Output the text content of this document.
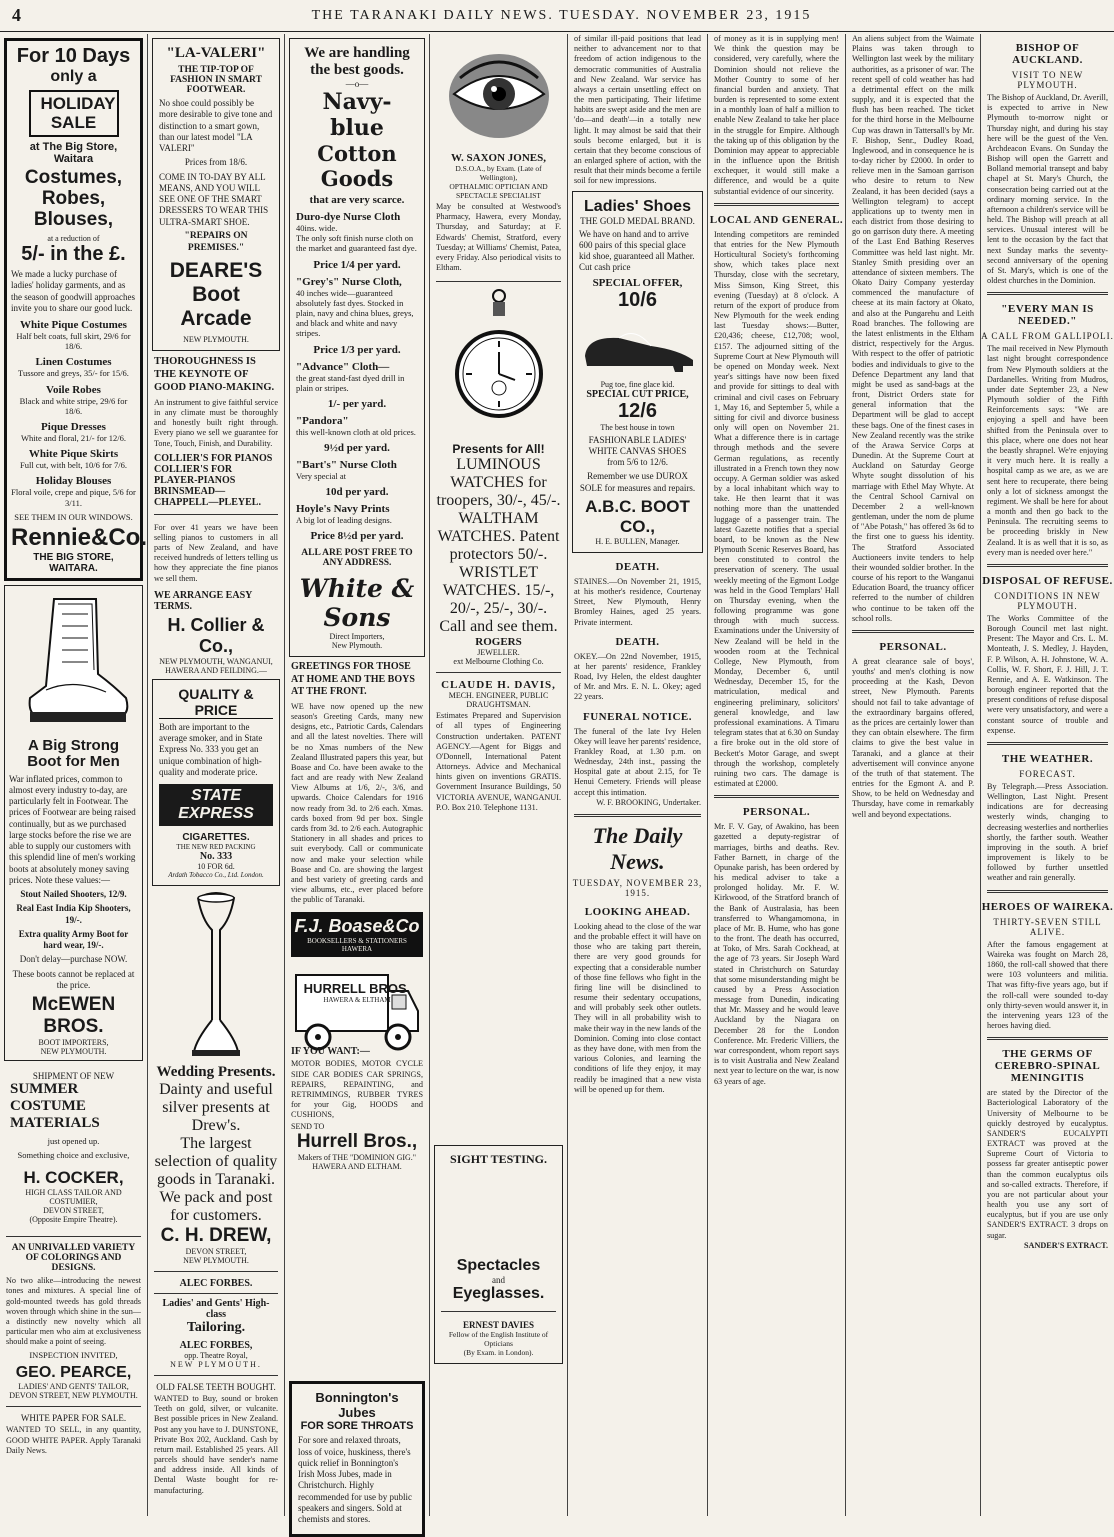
4	THE TARANAKI DAILY NEWS. TUESDAY. NOVEMBER 23, 1915
For 10 Days
only a
HOLIDAY SALE
at The Big Store, Waitara
Costumes, Robes, Blouses,
at a reduction of
5/- in the £.
We made a lucky purchase of ladies' holiday garments, and as the season of goodwill approaches invite you to share our good luck.
White Pique Costumes
Half belt coats, full skirt, 29/6 for 18/6.
Linen Costumes
Tussore and greys, 35/- for 15/6.
Voile Robes
Black and white stripe, 29/6 for 18/6.
Pique Dresses
White and floral, 21/- for 12/6.
White Pique Skirts
Full cut, with belt, 10/6 for 7/6.
Holiday Blouses
Floral voile, crepe and pique, 5/6 for 3/11.
SEE THEM IN OUR WINDOWS.
Rennie&Co.
THE BIG STORE,
WAITARA.
A Big Strong Boot for Men
War inflated prices, common to almost every industry to-day, are particularly felt in Footwear. The prices of Footwear are being raised continually, but as we purchased large stocks before the rise we are able to supply our customers with this splendid line of men's working boots at absolutely money saving prices. Note these values:—
Stout Nailed Shooters, 12/9.
Real East India Kip Shooters, 19/-.
Extra quality Army Boot for hard wear, 19/-.
Don't delay—purchase NOW.
These boots cannot be replaced at the price.
McEWEN BROS.
BOOT IMPORTERS,
NEW PLYMOUTH.
SHIPMENT OF NEW
SUMMER
COSTUME
MATERIALS
just opened up.
Something choice and exclusive,
H. COCKER,
HIGH CLASS TAILOR AND COSTUMIER,
DEVON STREET,
(Opposite Empire Theatre).
AN UNRIVALLED VARIETY OF COLORINGS AND DESIGNS.
No two alike—introducing the newest tones and mixtures. A special line of gold-mounted tweeds has gold threads woven through which shine in the sun—a distinctly new novelty which all particular men who aim at exclusiveness should make a point of seeing.
INSPECTION INVITED,
GEO. PEARCE,
LADIES' AND GENTS' TAILOR,
DEVON STREET, NEW PLYMOUTH.
WHITE PAPER FOR SALE.
WANTED TO SELL, in any quantity, GOOD WHITE PAPER. Apply Taranaki Daily News.
"LA-VALERI"
THE TIP-TOP OF FASHION IN SMART FOOTWEAR.
No shoe could possibly be more desirable to give tone and distinction to a smart gown, than our latest model "LA VALERI"
Prices from 18/6.
COME IN TO-DAY BY ALL MEANS, AND YOU WILL SEE ONE OF THE SMART DRESSERS TO WEAR THIS ULTRA-SMART SHOE.
"REPAIRS ON PREMISES."
DEARE'S
Boot Arcade
NEW PLYMOUTH.
THOROUGHNESS IS THE KEYNOTE OF GOOD PIANO-MAKING.
An instrument to give faithful service in any climate must be thoroughly and honestly built right through. Every piano we sell we guarantee for Tone, Touch, Finish, and Durability.
COLLIER'S FOR PIANOS
COLLIER'S FOR PLAYER-PIANOS
BRINSMEAD—CHAPPELL—PLEYEL.
For over 41 years we have been selling pianos to customers in all parts of New Zealand, and have received hundreds of letters telling us how they appreciate the fine pianos we sell them.
WE ARRANGE EASY TERMS.
H. Collier & Co.,
NEW PLYMOUTH, WANGANUI,
HAWERA AND FEILDING.—
QUALITY & PRICE
Both are important to the average smoker, and in State Express No. 333 you get an unique combination of high-quality and moderate price.
STATE EXPRESS
CIGARETTES.
THE NEW RED PACKING
No. 333
10 FOR 6d.
Ardath Tobacco Co., Ltd. London.
Wedding Presents.
Dainty and useful silver presents at Drew's.
The largest selection of quality goods in Taranaki.
We pack and post for customers.
C. H. DREW,
DEVON STREET,
NEW PLYMOUTH.
ALEC FORBES.
Ladies' and Gents' High-class
Tailoring.
ALEC FORBES,
opp. Theatre Royal,
NEW PLYMOUTH.
OLD FALSE TEETH BOUGHT.
WANTED to Buy, sound or broken Teeth on gold, silver, or vulcanite. Best possible prices in New Zealand. Post any you have to J. DUNSTONE, Private Box 202, Auckland. Cash by return mail. Established 25 years. All parcels should have sender's name and address inside. All kinds of Dental Waste bought for re-manufacturing.
We are handling
the best goods.
—o—
Navy-blue
Cotton Goods
that are very scarce.
Duro-dye Nurse Cloth
40ins. wide.
The only soft finish nurse cloth on the market and guaranteed fast dye.
Price 1/4 per yard.
"Grey's" Nurse Cloth,
40 inches wide—guaranteed absolutely fast dyes. Stocked in plain, navy and china blues, greys, and black and white and navy stripes.
Price 1/3 per yard.
"Advance" Cloth—
the great stand-fast dyed drill in plain or stripes.
1/- per yard.
"Pandora"
this well-known cloth at old prices.
9½d per yard.
"Bart's" Nurse Cloth
Very special at
10d per yard.
Hoyle's Navy Prints
A big lot of leading designs.
Price 8½d per yard.
ALL ARE POST FREE TO ANY ADDRESS.
White & Sons
Direct Importers,
New Plymouth.
GREETINGS FOR THOSE AT HOME AND THE BOYS AT THE FRONT.
WE have now opened up the new season's Greeting Cards, many new designs, etc., Patriotic Cards, Calendars and all the latest novelties. There will be no Xmas numbers of the New Zealand Illustrated papers this year, but Boase and Co. have been awake to the fact and are ready with New Zealand View Albums at 1/6, 2/-, 3/6, and upwards. Choice Calendars for 1916 now ready from 3d. to 2/6 each. Xmas. cards boxed from 9d per box. Single cards from 3d. to 2/6 each. Autographic Stationery in all shades and prices to suit everybody. Call or communicate now and make your selection while Boase and Co. are showing the largest and best variety of greeting cards and view albums, etc., ever placed before the public of Taranaki.
F.J. Boase&Co
BOOKSELLERS & STATIONERS
HAWERA
HURRELL BROS.
HAWERA & ELTHAM
IF YOU WANT:—
MOTOR BODIES, MOTOR CYCLE SIDE CAR BODIES CAR SPRINGS, REPAIRS, REPAINTING, and RETRIMMINGS, RUBBER TYRES for your Gig, HOODS and CUSHIONS,
SEND TO
Hurrell Bros.,
Makers of THE "DOMINION GIG."
HAWERA AND ELTHAM.
Bonnington's Jubes
FOR SORE THROATS
For sore and relaxed throats, loss of voice, huskiness, there's quick relief in Bonnington's Irish Moss Jubes, made in Christchurch. Highly recommended for use by public speakers and singers. Sold at chemists and stores.
W. SAXON JONES,
D.S.O.A., by Exam. (Late of Wellington),
OPTHALMIC OPTICIAN AND SPECTACLE SPECIALIST
May be consulted at Westwood's Pharmacy, Hawera, every Monday, Thursday, and Saturday; at F. Edwards' Chemist, Stratford, every Tuesday; at Williams' Chemist, Patea, every Friday. Also periodical visits to Eltham.
Presents for All!
LUMINOUS WATCHES for troopers, 30/-, 45/-.
WALTHAM WATCHES. Patent protectors 50/-.
WRISTLET WATCHES. 15/-, 20/-, 25/-, 30/-.
Call and see them.
ROGERS
JEWELLER.
ext Melbourne Clothing Co.
CLAUDE H. DAVIS,
MECH. ENGINEER, PUBLIC DRAUGHTSMAN.
Estimates Prepared and Supervision of all types of Engineering Construction undertaken. PATENT AGENCY.—Agent for Biggs and O'Donnell, International Patent Attorneys. Advice and Mechanical hints given on inventions GRATIS. Government Insurance Buildings, 50 VICTORIA AVENUE, WANGANUI. P.O. Box 210. Telephone 1131.
SIGHT TESTING.
Spectacles
and
Eyeglasses.
ERNEST DAVIES
Fellow of the English Institute of Opticians
(By Exam. in London).
of similar ill-paid positions that lead neither to advancement nor to that freedom of action indigenous to the democratic communities of Australia and New Zealand. War service has always a certain unsettling effect on the men participating. Their lifetime habits are swept aside and the men are 'do—and death'—in a totally new light. It may almost be said that their souls become enlarged, but it is certain that they become conscious of an enlarged sphere of action, with the result that their minds become a fertile soil for new impressions.
Ladies' Shoes
THE GOLD MEDAL BRAND.
We have on hand and to arrive 600 pairs of this special glace kid shoe, guaranteed all Mather. Cut cash price
SPECIAL OFFER,
10/6
Pug toe, fine glace kid.
SPECIAL CUT PRICE,
12/6
The best house in town
FASHIONABLE LADIES' WHITE CANVAS SHOES from 5/6 to 12/6.
Remember we use DUROX SOLE for measures and repairs.
A.B.C. BOOT CO.,
H. E. BULLEN, Manager.
DEATH.
STAINES.—On November 21, 1915, at his mother's residence, Courtenay Street, New Plymouth, Henry Bromley Haines, aged 25 years. Private interment.
DEATH.
OKEY.—On 22nd November, 1915, at her parents' residence, Frankley Road, Ivy Helen, the eldest daughter of Mr. and Mrs. E. N. L. Okey; aged 22 years.
FUNERAL NOTICE.
The funeral of the late Ivy Helen Okey will leave her parents' residence, Frankley Road, at 1.30 p.m. on Wednesday, 24th inst., passing the Hospital gate at about 2.15, for Te Henui Cemetery. Friends will please accept this intimation.
W. F. BROOKING, Undertaker.
The Daily News.
TUESDAY, NOVEMBER 23, 1915.
LOOKING AHEAD.
Looking ahead to the close of the war and the probable effect it will have on those who are taking part therein, there are very good grounds for expecting that a considerable number of those fine fellows who fight in the firing line will be disinclined to resume their sedentary occupations, and will probably seek other outlets. They will in all probability wish to make their way in the new lands of the Dominion. Coming into close contact as they have done, with men from the various Colonies, and learning the conditions of life they enjoy, it may readily be imagined that a new vista will be opened up for them.
of money as it is in supplying men! We think the question may be considered, very carefully, where the Dominion should not relieve the Mother Country to some of her financial burden and anxiety. That burden is represented to some extent in a monthly loan of half a million to enable New Zealand to take her place in the struggle for Empire. Although the taking up of this obligation by the Dominion may appear to appreciable in the influence upon the British exchequer, it would still make a difference, and would be a quite substantial evidence of our sincerity.
LOCAL AND GENERAL.
Intending competitors are reminded that entries for the New Plymouth Horticultural Society's forthcoming show, which takes place next Thursday, close with the secretary, Miss Simson, King Street, this evening (Tuesday) at 8 o'clock. A return of the export of produce from New Plymouth for the week ending last Tuesday shows:—Butter, £20,436; cheese, £12,708; wool, £157. The adjourned sitting of the Supreme Court at New Plymouth will be opened on Monday week. Next year's sittings have now been fixed and provide for sittings to deal with criminal and civil cases on February 1, May 16, and September 5, while a sitting for civil and divorce business only will open on November 21. What a difference there is in cartage through methods and the severe German regulations, as recently illustrated in a French town they now occupy. A German soldier was asked by a local inhabitant which way to take. He then learnt that it was nothing more than the unattended luggage of a passenger train. The latest Gazette notifies that a special board, to be known as the New Plymouth Scenic Reserves Board, has been constituted to control the preservation of scenery. The usual weekly meeting of the Egmont Lodge was held in the Good Templars' Hall on Thursday evening, when the following programme was gone through with much success. Examinations under the University of New Zealand will be held in the wooden room at the Technical College, New Plymouth, from Monday, December 6, until Wednesday, December 15, for the matriculation, medical and engineering preliminary, solicitors' general knowledge, and law professional examinations. A Timaru telegram states that at 6.30 on Sunday a fire broke out in the old store of Beckett's Motor Garage, and swept through the workshop, completely ruining two cars. The damage is estimated at £2000.
PERSONAL.
Mr. F. V. Gay, of Awakino, has been gazetted a deputy-registrar of marriages, births and deaths. Rev. Father Barnett, in charge of the Opunake parish, has been ordered by his medical adviser to take a prolonged holiday. Mr. F. W. Kirkwood, of the Stratford branch of the Bank of Australasia, has been transferred to Whangamomona, in place of Mr. B. Hume, who has gone to the front. The death has occurred, at Toko, of Mrs. Sarah Cockhead, at the age of 73 years. Sir Joseph Ward stated in Christchurch on Saturday that some misunderstanding might be caused by a Press Association message from Dunedin, indicating that Mr. Massey and he would leave Auckland by the Niagara on December 28 for the London Conference. Mr. Frederic Villiers, the war correspondent, whom report says is to visit Australia and New Zealand next year to lecture on the war, is now 63 years of age.
An aliens subject from the Waimate Plains was taken through to Wellington last week by the military authorities, as a prisoner of war. The recent spell of cold weather has had a detrimental effect on the milk supply, and it is expected that the flush has been reached. The ticket for the third horse in the Melbourne Cup was drawn in Tattersall's by Mr. F. Bishop, Senr., Dudley Road, Inglewood, and in consequence he is to-day richer by £2000. In order to relieve men in the Samoan garrison who desire to return to New Zealand, it has been decided (says a Wellington telegram) to accept applications up to twenty men in each district from those desiring to go on garrison duty there. A meeting of the Last End Bathing Reserves Committee was held last night. Mr. Stanley Smith presiding over an attendance of sixteen members. The Okato Dairy Company yesterday commenced the manufacture of cheese at its main factory at Okato, and also at the Pungarehu and Leith Road branches. The following are the latest enlistments in the Eltham district, respectively for the Argus. With respect to the offer of patriotic bodies and individuals to give to the Defence Department any land that might be used as sand-bags at the front, District Orders state for general information that the Department will be glad to accept these bags. One of the finest cases in New Zealand recently was the strike of the Arawa Service Corps at Dunedin. At the Supreme Court at Auckland on Saturday George Whyte sought dissolution of his marriage with Ethel May Whyte. At the Central School Carnival on December 2 a well-known gentleman, under the nom de plume of "Abe Potash," has offered 3s 6d to the first one to guess his identity. The Stratford Associated Auctioneers invite tenders to help their wounded soldier brother. In the course of his report to the Wanganui Education Board, the truancy officer referred to the number of children who continue to be taken off the school rolls.
PERSONAL.
A great clearance sale of boys', youths' and men's clothing is now proceeding at the Kash, Devon street, New Plymouth. Parents should not fail to take advantage of the extraordinary bargains offered, as the prices are certainly lower than they can obtain elsewhere. The firm claims to give the best value in Taranaki, and a glance at their advertisement will convince anyone of the truth of that statement. The entries for the Egmont A. and P. Show, to be held on Wednesday and Thursday, have come in remarkably well and beyond expectations.
BISHOP OF AUCKLAND.
VISIT TO NEW PLYMOUTH.
The Bishop of Auckland, Dr. Averill, is expected to arrive in New Plymouth to-morrow night or Thursday night, and during his stay here will be the guest of the Ven. Archdeacon Evans. On Sunday the Bishop will open the Garrett and Bolland memorial transept and baby chapel at St. Mary's Church, the consecration being carried out at the ordinary morning service. In the afternoon a children's service will be held. The Bishop will preach at all services. Unusual interest will be lent to the occasion by the fact that next Sunday marks the seventy-second anniversary of the opening of St. Mary's, which is one of the oldest churches in the Dominion.
"EVERY MAN IS NEEDED."
A CALL FROM GALLIPOLI.
The mail received in New Plymouth last night brought correspondence from New Plymouth soldiers at the Dardanelles. Writing from Mudros, under date September 23, a New Plymouth soldier of the Fifth Reinforcements says: "We are enjoying a spell and have been shifted from the Peninsula over to this place, where one does not hear the beastly shrapnel. We're enjoying it very much here. It is really a hospital camp as we are, as we are sent here to recuperate, there being only a lot of sickness amongst the regiment. We shall be here for about a month and then go back to the Peninsula. The recruiting seems to be proceeding briskly in New Zealand. It is as well that it is so, as every man is needed over here."
DISPOSAL OF REFUSE.
CONDITIONS IN NEW PLYMOUTH.
The Works Committee of the Borough Council met last night. Present: The Mayor and Crs. L. M. Monteath, J. S. Medley, J. Hayden, F. P. Wilson, A. H. Johnstone, W. A. Collis, W. F. Short, F. J. Hill, J. T. Rennie, and A. E. Watkinson. The borough engineer reported that the present conditions of refuse disposal were very unsatisfactory, and were a constant source of trouble and expense.
THE WEATHER.
FORECAST.
By Telegraph.—Press Association. Wellington, Last Night. Present indications are for decreasing westerly winds, changing to decreasing westerlies and northerlies shortly, the farther south. Weather improving in the south. A brief improvement is likely to be followed by further unsettled weather and rain generally.
HEROES OF WAIREKA.
THIRTY-SEVEN STILL ALIVE.
After the famous engagement at Waireka was fought on March 28, 1860, the roll-call showed that there were 103 volunteers and militia. That was fifty-five years ago, but if the roll-call were sounded to-day only thirty-seven would answer it, in the intervening years 123 of the heroes having died.
THE GERMS OF CEREBRO-SPINAL MENINGITIS
are stated by the Director of the Bacteriological Laboratory of the University of Melbourne to be quickly destroyed by eucalyptus. SANDER'S EUCALYPTI EXTRACT was proved at the Supreme Court of Victoria to possess far greater antiseptic power than the common eucalyptus oils and so-called extracts. Therefore, if you are not particular about your health you use any sort of eucalyptus, but if you are use only SANDER'S EXTRACT. 3 drops on sugar.
SANDER'S EXTRACT.
